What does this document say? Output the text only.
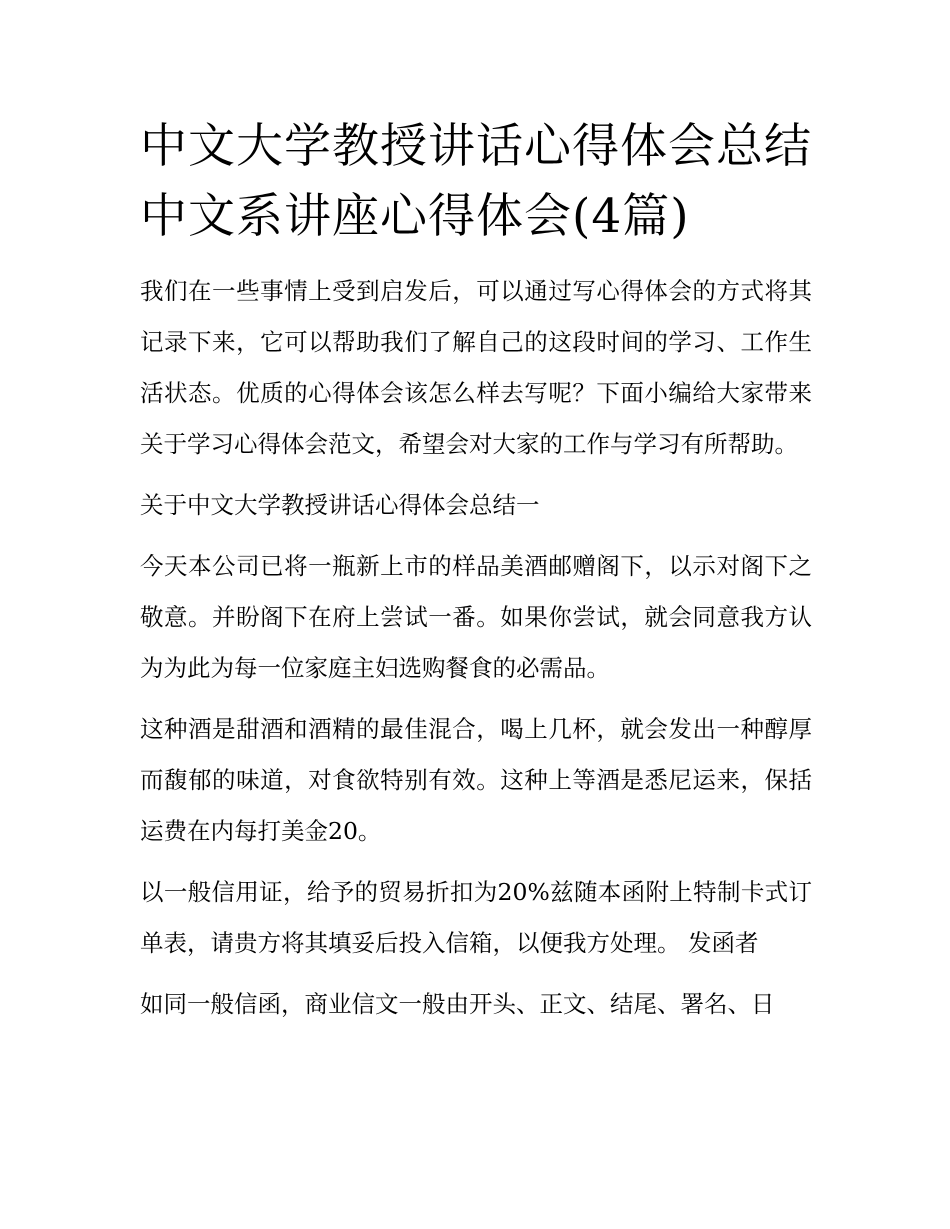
中文大学教授讲话心得体会总结 中文系讲座心得体会(4篇)

我们在一些事情上受到启发后，可以通过写心得体会的方式将其记录下来，它可以帮助我们了解自己的这段时间的学习、工作生活状态。优质的心得体会该怎么样去写呢？下面小编给大家带来关于学习心得体会范文，希望会对大家的工作与学习有所帮助。

关于中文大学教授讲话心得体会总结一

今天本公司已将一瓶新上市的样品美酒邮赠阁下，以示对阁下之敬意。并盼阁下在府上尝试一番。如果你尝试，就会同意我方认为为此为每一位家庭主妇选购餐食的必需品。

这种酒是甜酒和酒精的最佳混合，喝上几杯，就会发出一种醇厚而馥郁的味道，对食欲特别有效。这种上等酒是悉尼运来，保括运费在内每打美金20。

以一般信用证，给予的贸易折扣为20%兹随本函附上特制卡式订单表，请贵方将其填妥后投入信箱，以便我方处理。 发函者

如同一般信函，商业信文一般由开头、正文、结尾、署名、日
